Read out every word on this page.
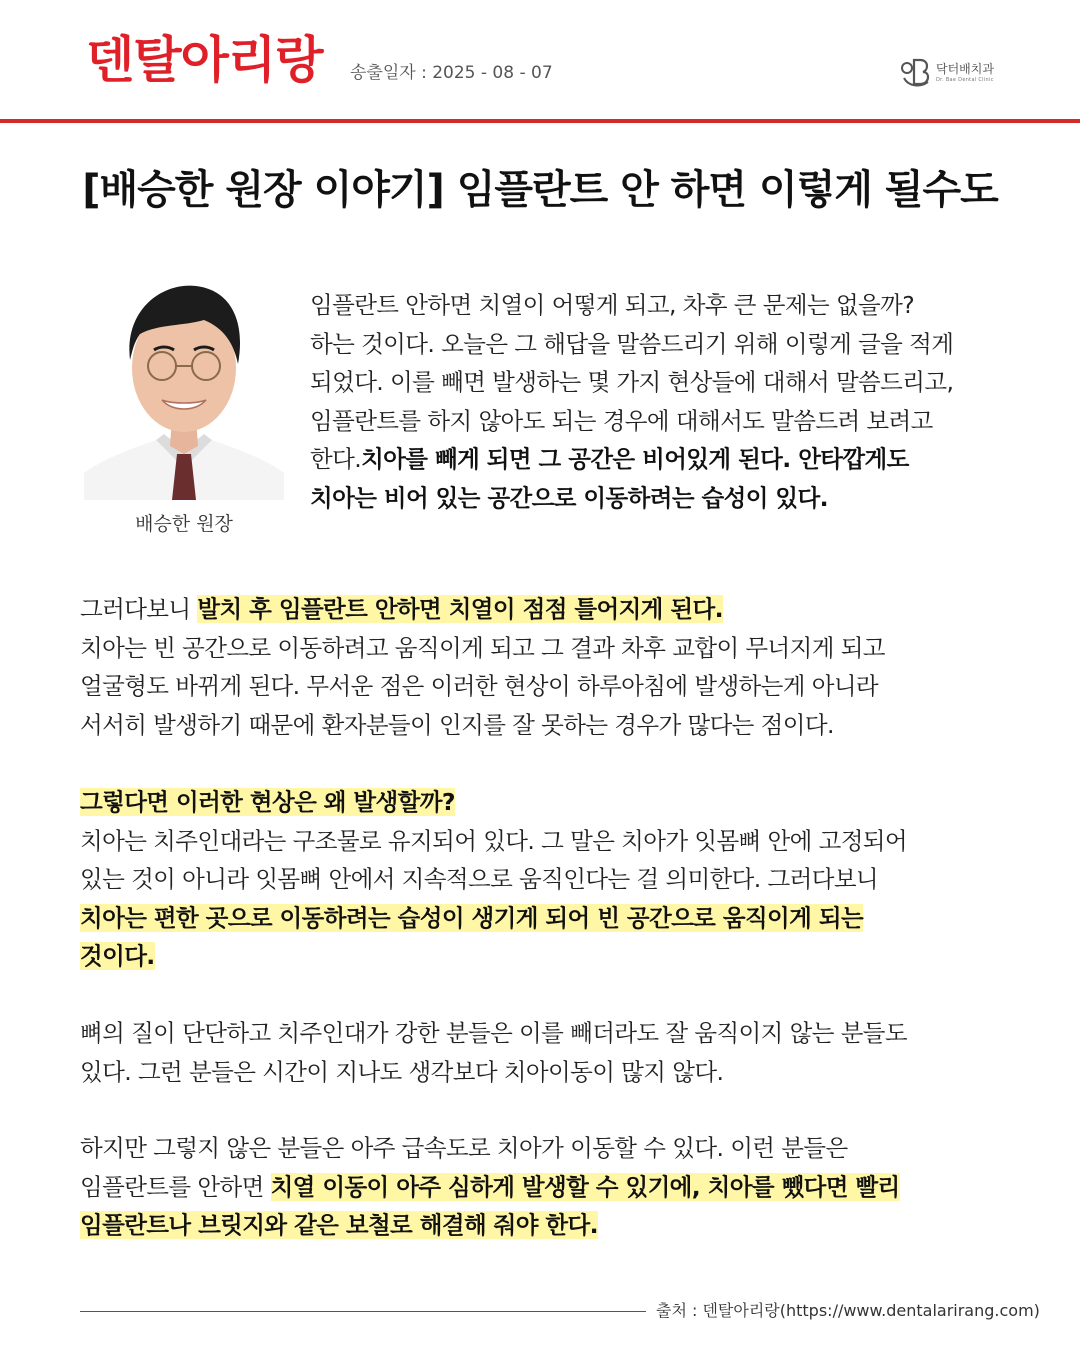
덴탈아리랑 송출일자 : 2025 - 08 - 07	닥터배치과
Dr. Bae Dental Clinic
[배승한 원장 이야기] 임플란트 안 하면 이렇게 될수도
배승한 원장
임플란트 안하면 치열이 어떻게 되고, 차후 큰 문제는 없을까?
하는 것이다. 오늘은 그 해답을 말씀드리기 위해 이렇게 글을 적게
되었다. 이를 빼면 발생하는 몇 가지 현상들에 대해서 말씀드리고,
임플란트를 하지 않아도 되는 경우에 대해서도 말씀드려 보려고
한다.치아를 빼게 되면 그 공간은 비어있게 된다. 안타깝게도
치아는 비어 있는 공간으로 이동하려는 습성이 있다.
그러다보니 발치 후 임플란트 안하면 치열이 점점 틀어지게 된다.
치아는 빈 공간으로 이동하려고 움직이게 되고 그 결과 차후 교합이 무너지게 되고
얼굴형도 바뀌게 된다. 무서운 점은 이러한 현상이 하루아침에 발생하는게 아니라
서서히 발생하기 때문에 환자분들이 인지를 잘 못하는 경우가 많다는 점이다.
그렇다면 이러한 현상은 왜 발생할까?
치아는 치주인대라는 구조물로 유지되어 있다. 그 말은 치아가 잇몸뼈 안에 고정되어
있는 것이 아니라 잇몸뼈 안에서 지속적으로 움직인다는 걸 의미한다. 그러다보니
치아는 편한 곳으로 이동하려는 습성이 생기게 되어 빈 공간으로 움직이게 되는
것이다.
뼈의 질이 단단하고 치주인대가 강한 분들은 이를 빼더라도 잘 움직이지 않는 분들도
있다. 그런 분들은 시간이 지나도 생각보다 치아이동이 많지 않다.
하지만 그렇지 않은 분들은 아주 급속도로 치아가 이동할 수 있다. 이런 분들은
임플란트를 안하면 치열 이동이 아주 심하게 발생할 수 있기에, 치아를 뺐다면 빨리
임플란트나 브릿지와 같은 보철로 해결해 줘야 한다.
출처 : 덴탈아리랑(https://www.dentalarirang.com)
